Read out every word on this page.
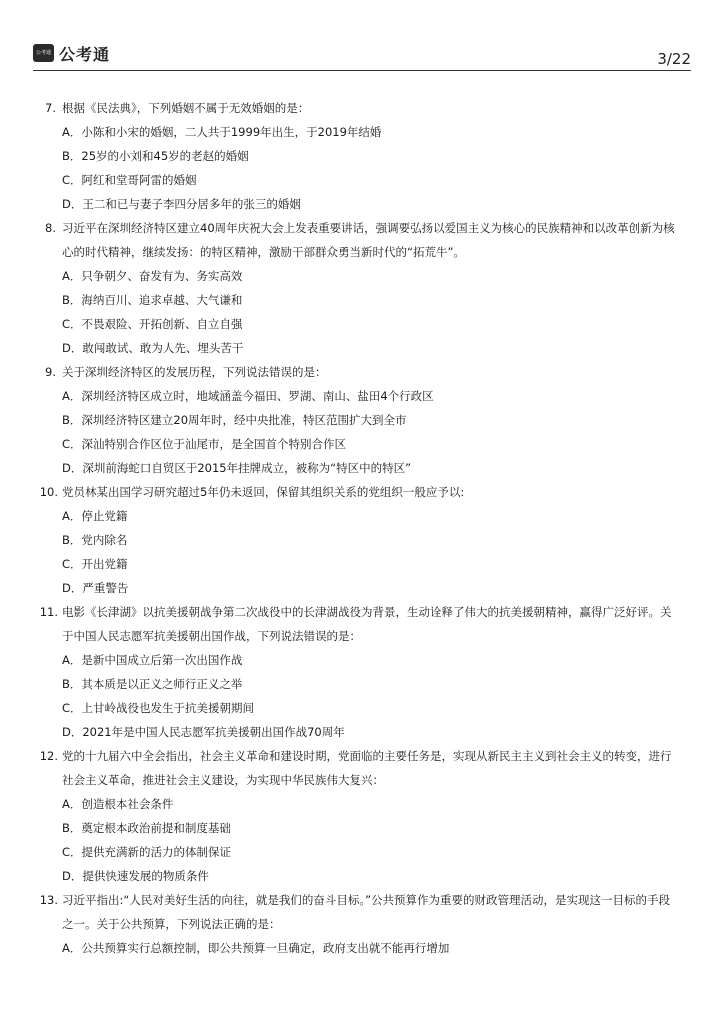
公考通 公考通	3/22
7. 根据《民法典》，下列婚姻不属于无效婚姻的是：
A．小陈和小宋的婚姻，二人共于1999年出生，于2019年结婚
B．25岁的小刘和45岁的老赵的婚姻
C．阿红和堂哥阿雷的婚姻
D．王二和已与妻子李四分居多年的张三的婚姻
8. 习近平在深圳经济特区建立40周年庆祝大会上发表重要讲话，强调要弘扬以爱国主义为核心的民族精神和以改革创新为核
心的时代精神，继续发扬：的特区精神，激励干部群众勇当新时代的“拓荒牛”。
A．只争朝夕、奋发有为、务实高效
B．海纳百川、追求卓越、大气谦和
C．不畏艰险、开拓创新、自立自强
D．敢闯敢试、敢为人先、埋头苦干
9. 关于深圳经济特区的发展历程，下列说法错误的是：
A．深圳经济特区成立时，地域涵盖今福田、罗湖、南山、盐田4个行政区
B．深圳经济特区建立20周年时，经中央批准，特区范围扩大到全市
C．深汕特别合作区位于汕尾市，是全国首个特别合作区
D．深圳前海蛇口自贸区于2015年挂牌成立，被称为“特区中的特区”
10. 党员林某出国学习研究超过5年仍未返回，保留其组织关系的党组织一般应予以:
A．停止党籍
B．党内除名
C．开出党籍
D．严重警告
11. 电影《长津湖》以抗美援朝战争第二次战役中的长津湖战役为背景，生动诠释了伟大的抗美援朝精神，赢得广泛好评。关
于中国人民志愿军抗美援朝出国作战，下列说法错误的是：
A．是新中国成立后第一次出国作战
B．其本质是以正义之师行正义之举
C．上甘岭战役也发生于抗美援朝期间
D．2021年是中国人民志愿军抗美援朝出国作战70周年
12. 党的十九届六中全会指出，社会主义革命和建设时期，党面临的主要任务是，实现从新民主主义到社会主义的转变，进行
社会主义革命，推进社会主义建设，为实现中华民族伟大复兴：
A．创造根本社会条件
B．奠定根本政治前提和制度基础
C．提供充满新的活力的体制保证
D．提供快速发展的物质条件
13. 习近平指出:“人民对美好生活的向往，就是我们的奋斗目标。”公共预算作为重要的财政管理活动，是实现这一目标的手段
之一。关于公共预算，下列说法正确的是：
A．公共预算实行总额控制，即公共预算一旦确定，政府支出就不能再行增加
